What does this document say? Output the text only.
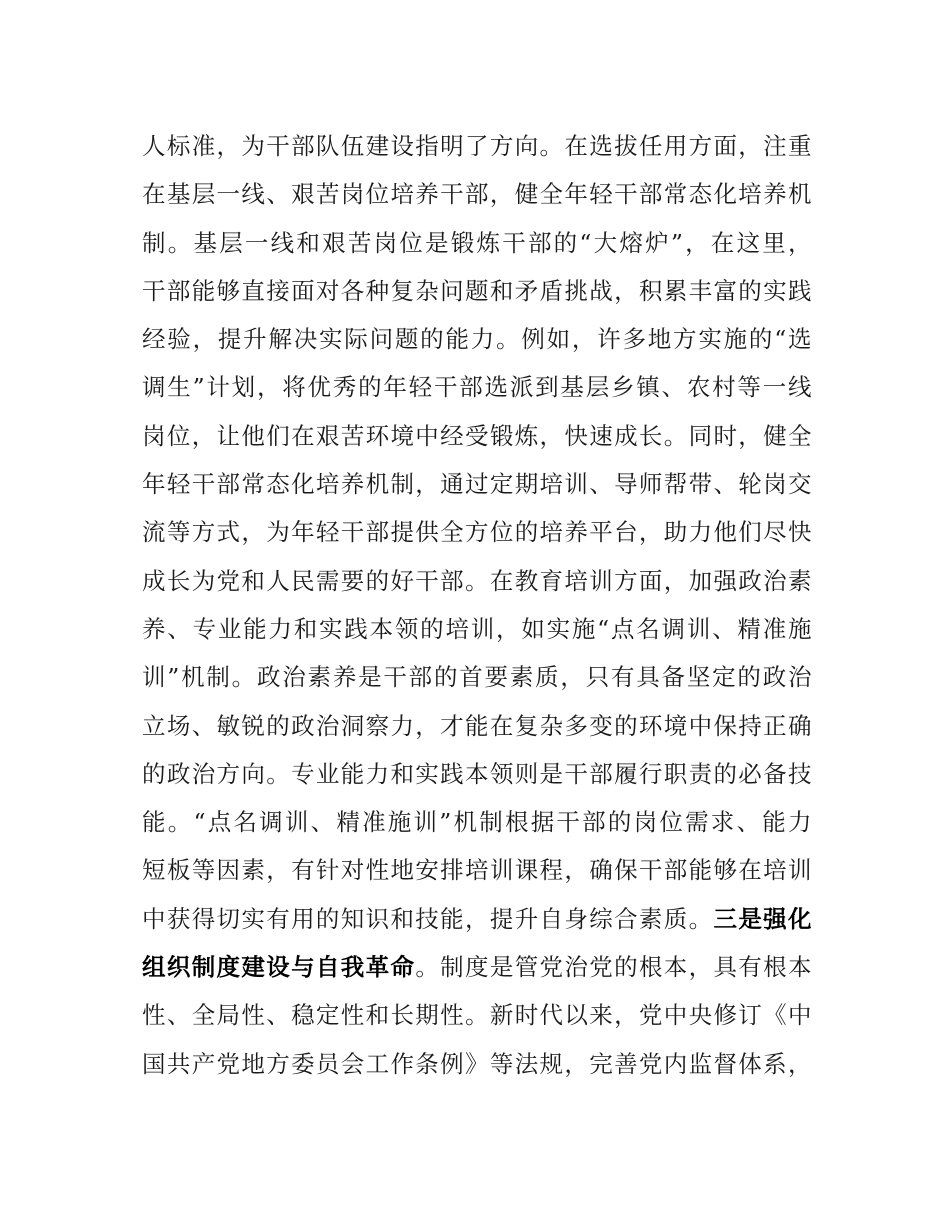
人标准，为干部队伍建设指明了方向。在选拔任用方面，注重
在基层一线、艰苦岗位培养干部，健全年轻干部常态化培养机
制。基层一线和艰苦岗位是锻炼干部的“大熔炉”，在这里，
干部能够直接面对各种复杂问题和矛盾挑战，积累丰富的实践
经验，提升解决实际问题的能力。例如，许多地方实施的“选
调生”计划，将优秀的年轻干部选派到基层乡镇、农村等一线
岗位，让他们在艰苦环境中经受锻炼，快速成长。同时，健全
年轻干部常态化培养机制，通过定期培训、导师帮带、轮岗交
流等方式，为年轻干部提供全方位的培养平台，助力他们尽快
成长为党和人民需要的好干部。在教育培训方面，加强政治素
养、专业能力和实践本领的培训，如实施“点名调训、精准施
训”机制。政治素养是干部的首要素质，只有具备坚定的政治
立场、敏锐的政治洞察力，才能在复杂多变的环境中保持正确
的政治方向。专业能力和实践本领则是干部履行职责的必备技
能。“点名调训、精准施训”机制根据干部的岗位需求、能力
短板等因素，有针对性地安排培训课程，确保干部能够在培训
中获得切实有用的知识和技能，提升自身综合素质。三是强化
组织制度建设与自我革命。制度是管党治党的根本，具有根本
性、全局性、稳定性和长期性。新时代以来，党中央修订《中
国共产党地方委员会工作条例》等法规，完善党内监督体系，
